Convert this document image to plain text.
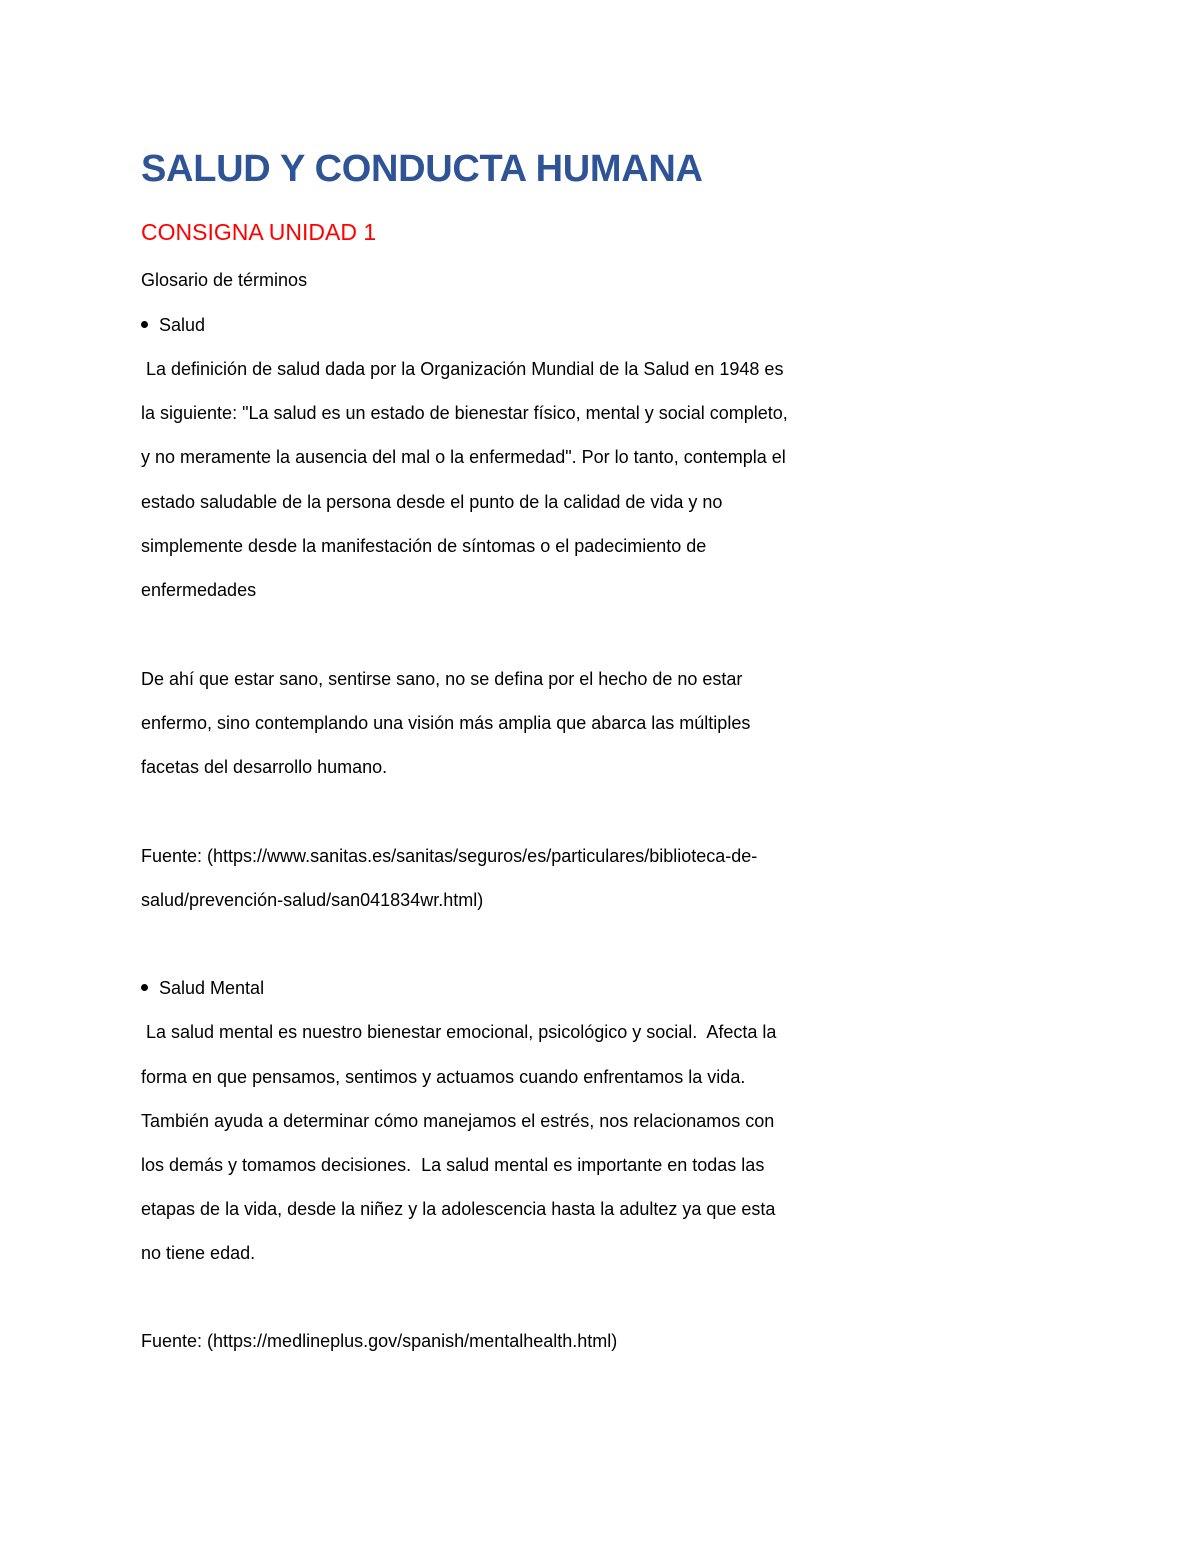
SALUD Y CONDUCTA HUMANA
CONSIGNA UNIDAD 1
Glosario de términos
Salud
La definición de salud dada por la Organización Mundial de la Salud en 1948 es
la siguiente: "La salud es un estado de bienestar físico, mental y social completo,
y no meramente la ausencia del mal o la enfermedad". Por lo tanto, contempla el
estado saludable de la persona desde el punto de la calidad de vida y no
simplemente desde la manifestación de síntomas o el padecimiento de
enfermedades
De ahí que estar sano, sentirse sano, no se defina por el hecho de no estar
enfermo, sino contemplando una visión más amplia que abarca las múltiples
facetas del desarrollo humano.
Fuente: (https://www.sanitas.es/sanitas/seguros/es/particulares/biblioteca-de-
salud/prevención-salud/san041834wr.html)
Salud Mental
La salud mental es nuestro bienestar emocional, psicológico y social.  Afecta la
forma en que pensamos, sentimos y actuamos cuando enfrentamos la vida.
También ayuda a determinar cómo manejamos el estrés, nos relacionamos con
los demás y tomamos decisiones.  La salud mental es importante en todas las
etapas de la vida, desde la niñez y la adolescencia hasta la adultez ya que esta
no tiene edad.
Fuente: (https://medlineplus.gov/spanish/mentalhealth.html)
